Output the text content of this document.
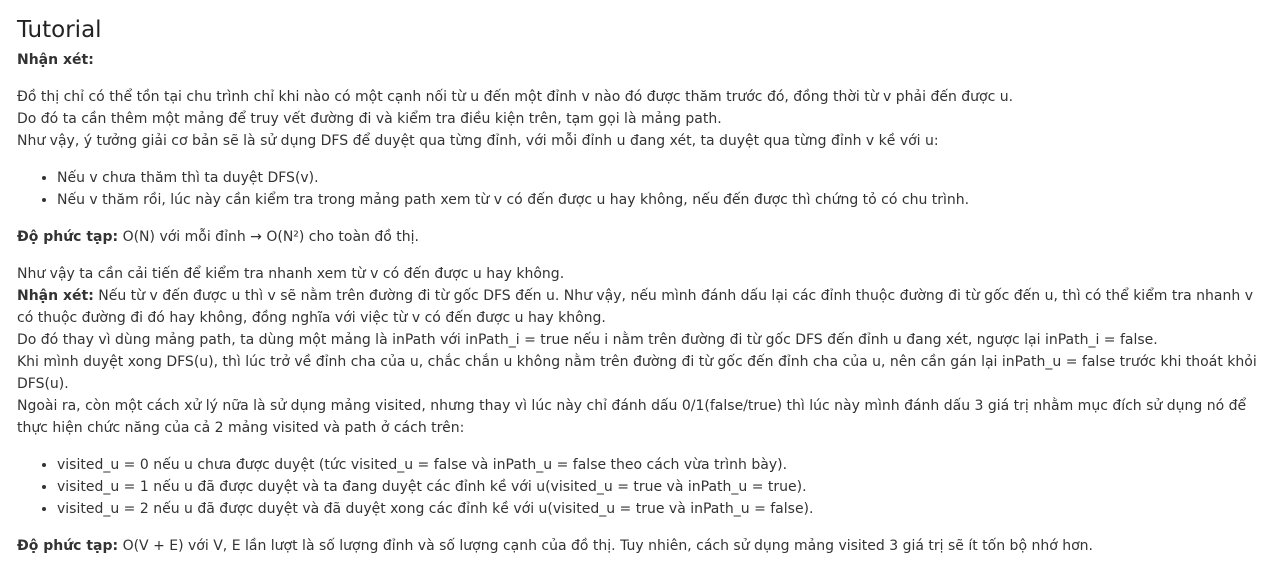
Tutorial

Nhận xét:

Đồ thị chỉ có thể tồn tại chu trình chỉ khi nào có một cạnh nối từ u đến một đỉnh v nào đó được thăm trước đó, đồng thời từ v phải đến được u.

Do đó ta cần thêm một mảng để truy vết đường đi và kiểm tra điều kiện trên, tạm gọi là mảng path.

Như vậy, ý tưởng giải cơ bản sẽ là sử dụng DFS để duyệt qua từng đỉnh, với mỗi đỉnh u đang xét, ta duyệt qua từng đỉnh v kề với u:

• Nếu v chưa thăm thì ta duyệt DFS(v).
• Nếu v thăm rồi, lúc này cần kiểm tra trong mảng path xem từ v có đến được u hay không, nếu đến được thì chứng tỏ có chu trình.

Độ phức tạp: O(N) với mỗi đỉnh → O(N²) cho toàn đồ thị.

Như vậy ta cần cải tiến để kiểm tra nhanh xem từ v có đến được u hay không.

Nhận xét: Nếu từ v đến được u thì v sẽ nằm trên đường đi từ gốc DFS đến u. Như vậy, nếu mình đánh dấu lại các đỉnh thuộc đường đi từ gốc đến u, thì có thể kiểm tra nhanh v có thuộc đường đi đó hay không, đồng nghĩa với việc từ v có đến được u hay không.

Do đó thay vì dùng mảng path, ta dùng một mảng là inPath với inPath_i = true nếu i nằm trên đường đi từ gốc DFS đến đỉnh u đang xét, ngược lại inPath_i = false.

Khi mình duyệt xong DFS(u), thì lúc trở về đỉnh cha của u, chắc chắn u không nằm trên đường đi từ gốc đến đỉnh cha của u, nên cần gán lại inPath_u = false trước khi thoát khỏi DFS(u).

Ngoài ra, còn một cách xử lý nữa là sử dụng mảng visited, nhưng thay vì lúc này chỉ đánh dấu 0/1(false/true) thì lúc này mình đánh dấu 3 giá trị nhằm mục đích sử dụng nó để thực hiện chức năng của cả 2 mảng visited và path ở cách trên:

• visited_u = 0 nếu u chưa được duyệt (tức visited_u = false và inPath_u = false theo cách vừa trình bày).
• visited_u = 1 nếu u đã được duyệt và ta đang duyệt các đỉnh kề với u(visited_u = true và inPath_u = true).
• visited_u = 2 nếu u đã được duyệt và đã duyệt xong các đỉnh kề với u(visited_u = true và inPath_u = false).

Độ phức tạp: O(V + E) với V, E lần lượt là số lượng đỉnh và số lượng cạnh của đồ thị. Tuy nhiên, cách sử dụng mảng visited 3 giá trị sẽ ít tốn bộ nhớ hơn.
